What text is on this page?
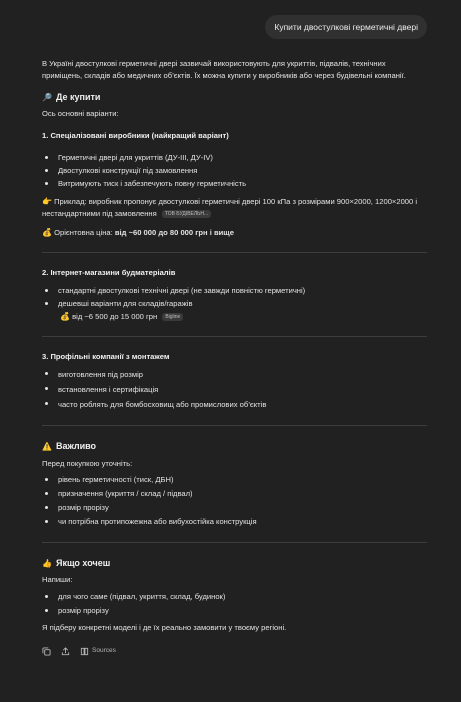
Купити двостулкові герметичні двері

В Україні двостулкові герметичні двері зазвичай використовують для укриттів, підвалів, технічних приміщень, складів або медичних об’єктів. Їх можна купити у виробників або через будівельні компанії.

🔎 Де купити

Ось основні варіанти:

1. Спеціалізовані виробники (найкращий варіант)

Герметичні двері для укриттів (ДУ-III, ДУ-IV)
Двостулкові конструкції під замовлення
Витримують тиск і забезпечують повну герметичність

👉 Приклад: виробник пропонує двостулкові герметичні двері 100 кПа з розмірами 900×2000, 1200×2000 і нестандартними під замовлення ТОВ БУДІВЕЛЬН...

💰 Орієнтовна ціна: від ~60 000 до 80 000 грн і вище

2. Інтернет-магазини будматеріалів

стандартні двостулкові технічні двері (не завжди повністю герметичні)
дешевші варіанти для складів/гаражів
💰 від ~6 500 до 15 000 грн Bigline

3. Профільні компанії з монтажем

виготовлення під розмір
встановлення і сертифікація
часто роблять для бомбосховищ або промислових об’єктів
⚠️ Важливо

Перед покупкою уточніть:

рівень герметичності (тиск, ДБН)
призначення (укриття / склад / підвал)
розмір прорізу
чи потрібна протипожежна або вибухостійка конструкція
👍 Якщо хочеш

Напиши:

для чого саме (підвал, укриття, склад, будинок)
розмір прорізу

Я підберу конкретні моделі і де їх реально замовити у твоєму регіоні.

Sources
